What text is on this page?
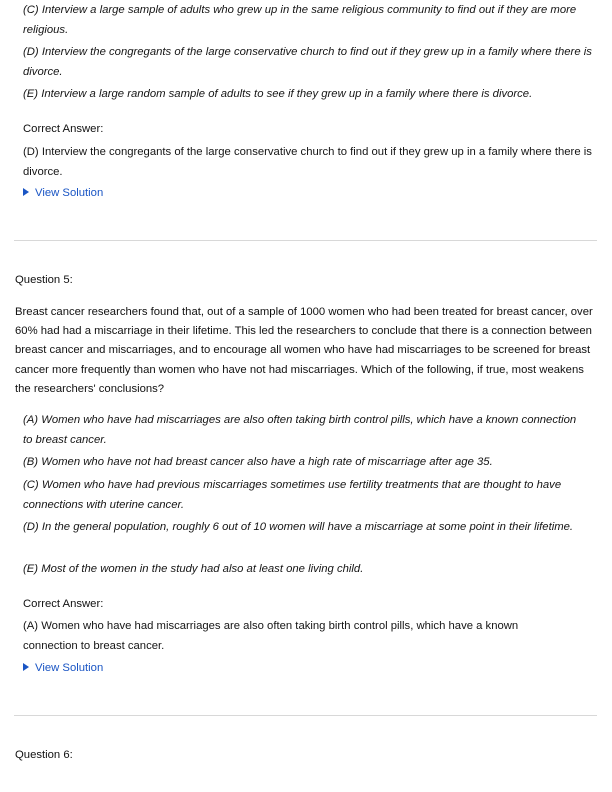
(C) Interview a large sample of adults who grew up in the same religious community to find out if they are more religious.
(D) Interview the congregants of the large conservative church to find out if they grew up in a family where there is divorce.
(E) Interview a large random sample of adults to see if they grew up in a family where there is divorce.
Correct Answer:
(D) Interview the congregants of the large conservative church to find out if they grew up in a family where there is divorce.
View Solution
Question 5:
Breast cancer researchers found that, out of a sample of 1000 women who had been treated for breast cancer, over 60% had had a miscarriage in their lifetime. This led the researchers to conclude that there is a connection between breast cancer and miscarriages, and to encourage all women who have had miscarriages to be screened for breast cancer more frequently than women who have not had miscarriages. Which of the following, if true, most weakens the researchers' conclusions?
(A) Women who have had miscarriages are also often taking birth control pills, which have a known connection to breast cancer.
(B) Women who have not had breast cancer also have a high rate of miscarriage after age 35.
(C) Women who have had previous miscarriages sometimes use fertility treatments that are thought to have connections with uterine cancer.
(D) In the general population, roughly 6 out of 10 women will have a miscarriage at some point in their lifetime.
(E) Most of the women in the study had also at least one living child.
Correct Answer:
(A) Women who have had miscarriages are also often taking birth control pills, which have a known connection to breast cancer.
View Solution
Question 6:
